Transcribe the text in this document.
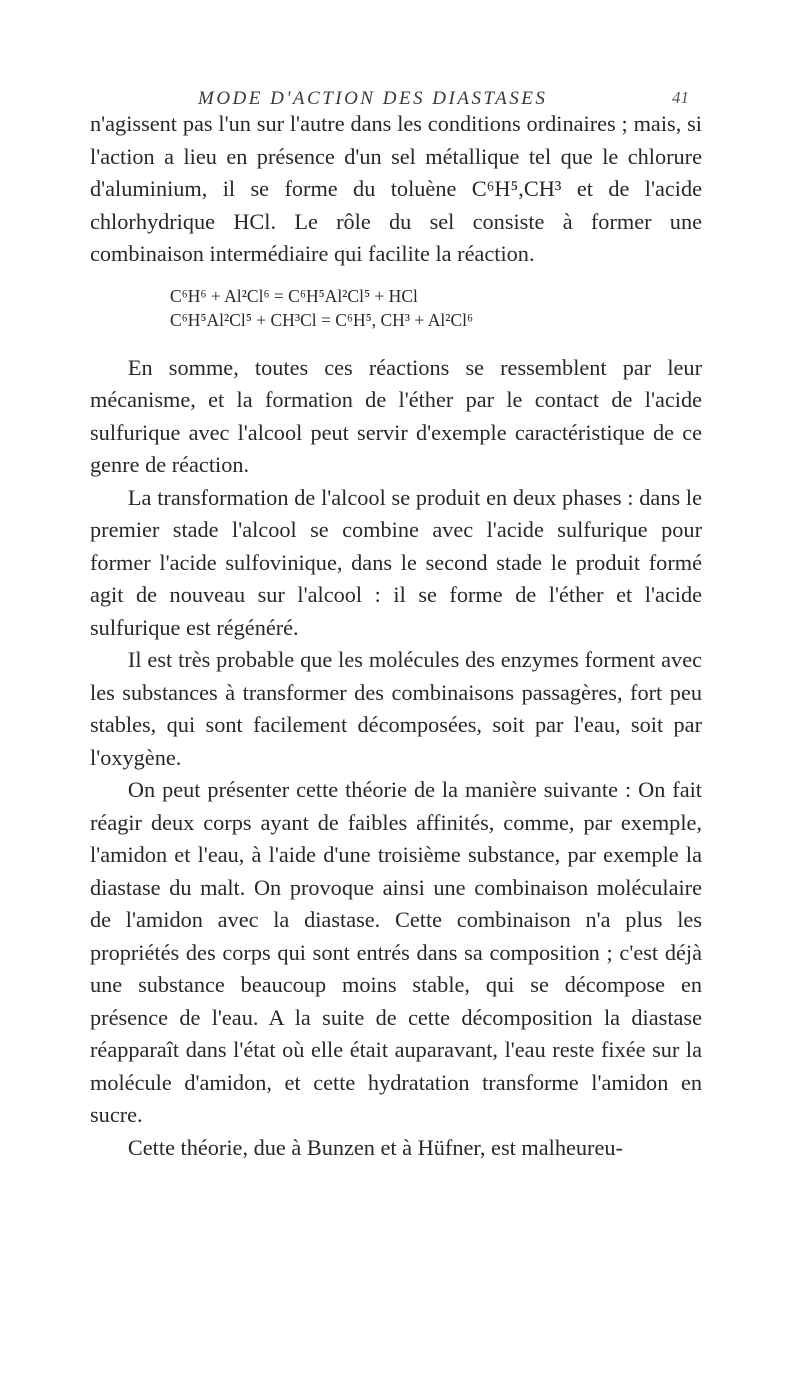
MODE D'ACTION DES DIASTASES	41

n'agissent pas l'un sur l'autre dans les conditions ordinaires ; mais, si l'action a lieu en présence d'un sel métallique tel que le chlorure d'aluminium, il se forme du toluène C⁶H⁵,CH³ et de l'acide chlorhydrique HCl. Le rôle du sel consiste à former une combinaison intermédiaire qui facilite la réaction.

C⁶H⁶ + Al²Cl⁶ = C⁶H⁵Al²Cl⁵ + HCl
C⁶H⁵Al²Cl⁵ + CH³Cl = C⁶H⁵, CH³ + Al²Cl⁶

En somme, toutes ces réactions se ressemblent par leur mécanisme, et la formation de l'éther par le contact de l'acide sulfurique avec l'alcool peut servir d'exemple caractéristique de ce genre de réaction.

La transformation de l'alcool se produit en deux phases : dans le premier stade l'alcool se combine avec l'acide sulfurique pour former l'acide sulfovinique, dans le second stade le produit formé agit de nouveau sur l'alcool : il se forme de l'éther et l'acide sulfurique est régénéré.

Il est très probable que les molécules des enzymes forment avec les substances à transformer des combinaisons passagères, fort peu stables, qui sont facilement décomposées, soit par l'eau, soit par l'oxygène.

On peut présenter cette théorie de la manière suivante : On fait réagir deux corps ayant de faibles affinités, comme, par exemple, l'amidon et l'eau, à l'aide d'une troisième substance, par exemple la diastase du malt. On provoque ainsi une combinaison moléculaire de l'amidon avec la diastase. Cette combinaison n'a plus les propriétés des corps qui sont entrés dans sa composition ; c'est déjà une substance beaucoup moins stable, qui se décompose en présence de l'eau. A la suite de cette décomposition la diastase réapparaît dans l'état où elle était auparavant, l'eau reste fixée sur la molécule d'amidon, et cette hydratation transforme l'amidon en sucre.

Cette théorie, due à Bunzen et à Hüfner, est malheureu-
